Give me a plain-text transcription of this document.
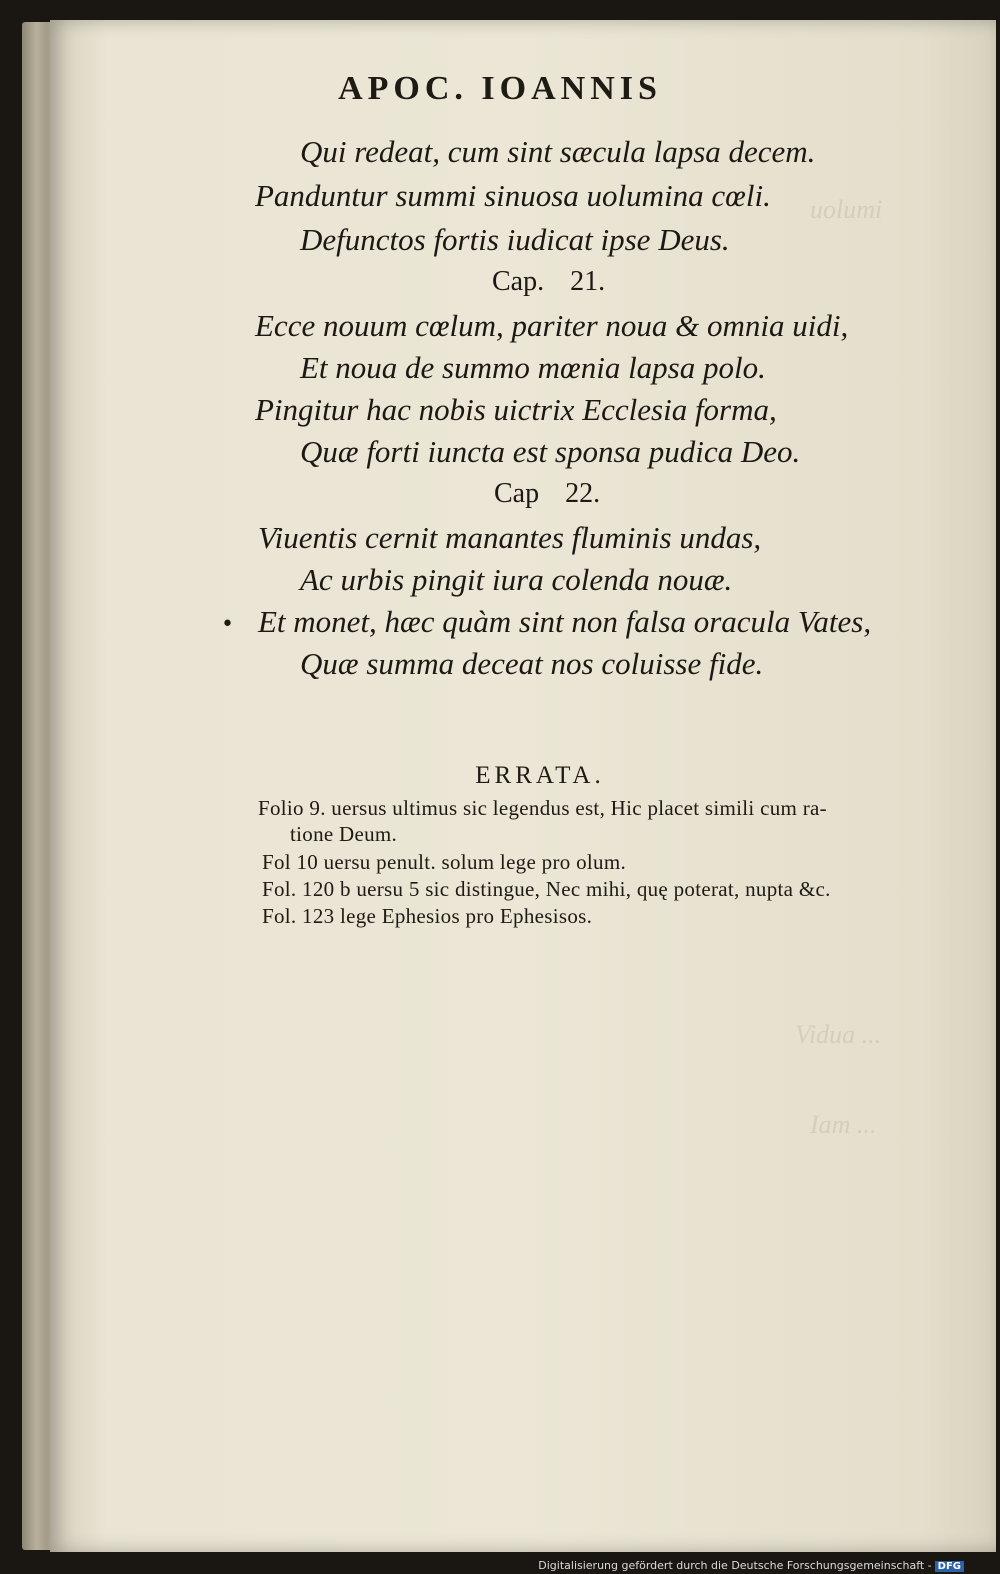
uolumi
Vidua ...
Iam ...
APOC. IOANNIS
Qui redeat, cum sint sæcula lapsa decem.
Panduntur summi sinuosa uolumina cœli.
Defunctos fortis iudicat ipse Deus.
Cap. 21.
Ecce nouum cœlum, pariter noua & omnia uidi,
Et noua de summo mœnia lapsa polo.
Pingitur hac nobis uictrix Ecclesia forma,
Quæ forti iuncta est sponsa pudica Deo.
Cap 22.
Viuentis cernit manantes fluminis undas,
Ac urbis pingit iura colenda nouæ.
• Et monet, hæc quàm sint non falsa oracula Vates,
Quæ summa deceat nos coluisse fide.
ERRATA.
Folio 9. uersus ultimus sic legendus est, Hic placet simili cum ra-
tione Deum.
Fol 10 uersu penult. solum lege pro olum.
Fol. 120 b uersu 5 sic distingue, Nec mihi, quę poterat, nupta &c.
Fol. 123 lege Ephesios pro Ephesisos.
Digitalisierung gefördert durch die Deutsche Forschungsgemeinschaft - DFG
